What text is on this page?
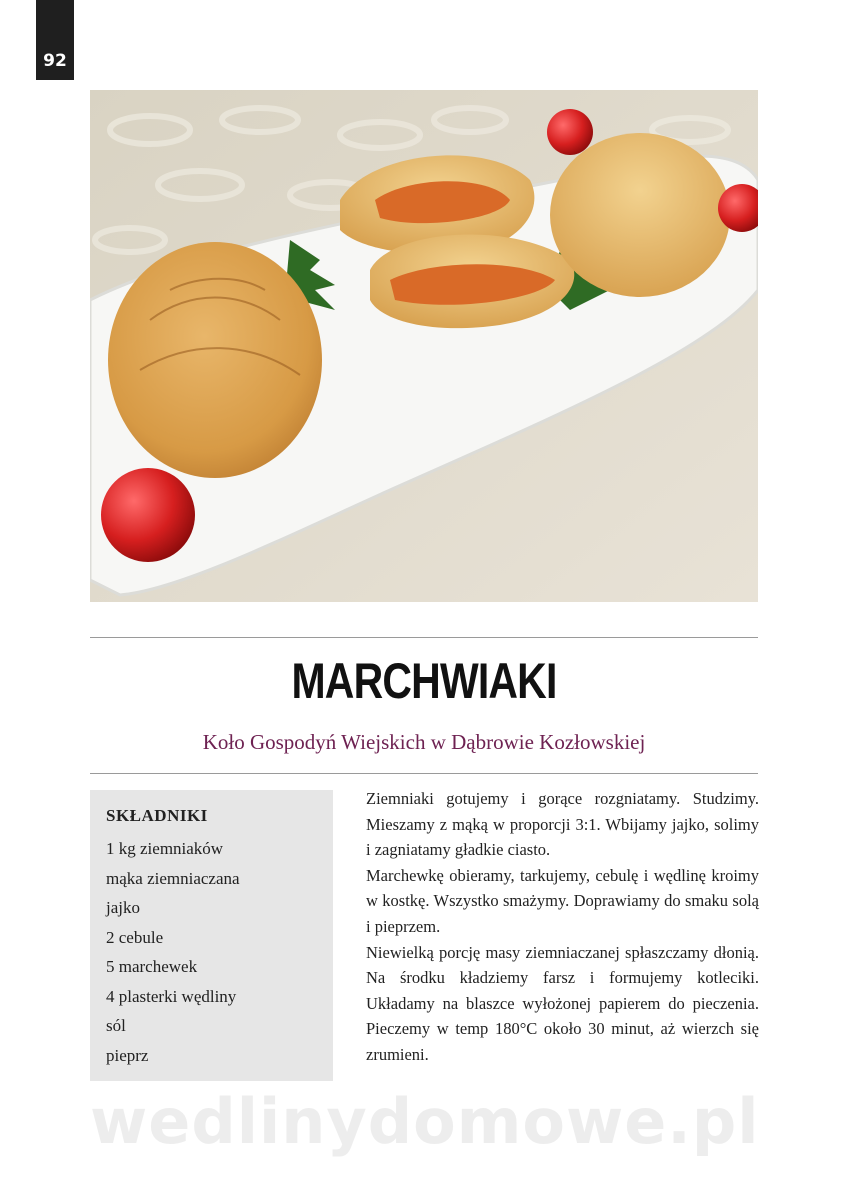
92
MARCHWIAKI
Koło Gospodyń Wiejskich w Dąbrowie Kozłowskiej
SKŁADNIKI
1 kg ziemniaków
mąka ziemniaczana
jajko
2 cebule
5 marchewek
4 plasterki wędliny
sól
pieprz

Ziemniaki gotujemy i gorące rozgniatamy. Studzimy. Mieszamy z mąką w proporcji 3:1. Wbijamy jajko, solimy i zagniatamy gładkie ciasto.

Marchewkę obieramy, tarkujemy, cebulę i wędlinę kroimy w kostkę. Wszystko smażymy. Doprawiamy do smaku solą i pieprzem.

Niewielką porcję masy ziemniaczanej spłaszczamy dłonią. Na środku kładziemy farsz i formujemy kotleciki. Układamy na blaszce wyłożonej papierem do pieczenia. Pieczemy w temp 180°C około 30 minut, aż wierzch się zrumieni.

wedlinydomowe.pl
